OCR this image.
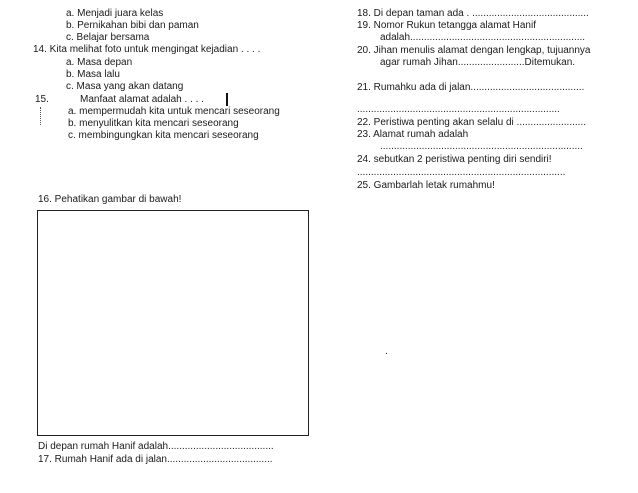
a. Menjadi juara kelas
b. Pernikahan bibi dan paman
c. Belajar bersama
14. Kita melihat foto untuk mengingat kejadian . . . .
a. Masa depan
b. Masa lalu
c. Masa yang akan datang
15.	Manfaat alamat adalah . . . .
a. mempermudah kita untuk mencari seseorang
b. menyulitkan kita mencari seseorang
c. membingungkan kita mencari seseorang
16. Pehatikan gambar di bawah!
Di depan rumah Hanif adalah......................................
17. Rumah Hanif ada di jalan......................................
18. Di depan taman ada . ..........................................
19. Nomor Rukun tetangga alamat Hanif
adalah...............................................................
20. Jihan menulis alamat dengan lengkap, tujuannya
agar rumah Jihan........................Ditemukan.
21. Rumahku ada di jalan.........................................
.........................................................................
22. Peristiwa penting akan selalu di .........................
23. Alamat rumah adalah
.........................................................................
24. sebutkan 2 peristiwa penting diri sendiri!
...........................................................................
25. Gambarlah letak rumahmu!
.
